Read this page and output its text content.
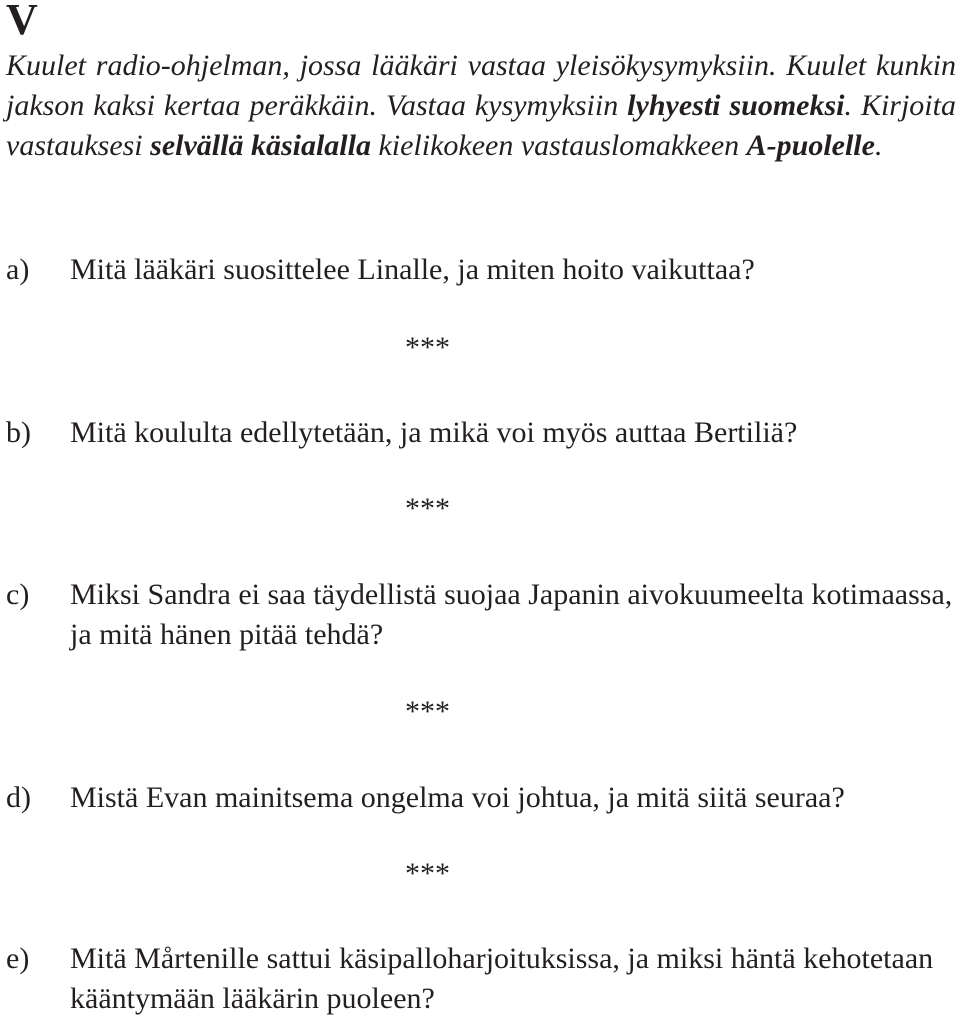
V

Kuulet radio-ohjelman, jossa lääkäri vastaa yleisökysymyksiin. Kuulet kunkin jakson kaksi kertaa peräkkäin. Vastaa kysymyksiin lyhyesti suomeksi. Kirjoita vastauksesi selvällä käsialalla kielikokeen vastauslomakkeen A-puolelle.

a) Mitä lääkäri suosittelee Linalle, ja miten hoito vaikuttaa?

***

b) Mitä koululta edellytetään, ja mikä voi myös auttaa Bertiliä?

***

c) Miksi Sandra ei saa täydellistä suojaa Japanin aivokuumeelta kotimaassa, ja mitä hänen pitää tehdä?

***

d) Mistä Evan mainitsema ongelma voi johtua, ja mitä siitä seuraa?

***

e) Mitä Mårtenille sattui käsipalloharjoituksissa, ja miksi häntä kehotetaan kääntymään lääkärin puoleen?
